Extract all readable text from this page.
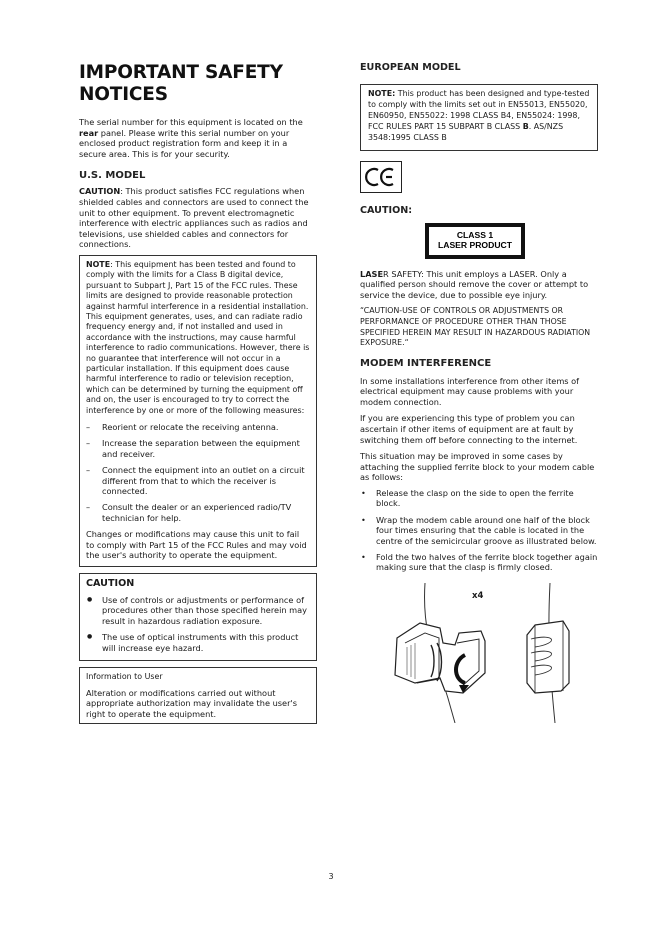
IMPORTANT SAFETY NOTICES

The serial number for this equipment is located on the rear panel. Please write this serial number on your enclosed product registration form and keep it in a secure area. This is for your security.

U.S. MODEL

CAUTION: This product satisfies FCC regulations when shielded cables and connectors are used to connect the unit to other equipment. To prevent electromagnetic interference with electric appliances such as radios and televisions, use shielded cables and connectors for connections.

NOTE: This equipment has been tested and found to comply with the limits for a Class B digital device, pursuant to Subpart J, Part 15 of the FCC rules. These limits are designed to provide reasonable protection against harmful interference in a residential installation. This equipment generates, uses, and can radiate radio frequency energy and, if not installed and used in accordance with the instructions, may cause harmful interference to radio communications. However, there is no guarantee that interference will not occur in a particular installation. If this equipment does cause harmful interference to radio or television reception, which can be determined by turning the equipment off and on, the user is encouraged to try to correct the interference by one or more of the following measures:

– Reorient or relocate the receiving antenna.
– Increase the separation between the equipment and receiver.
– Connect the equipment into an outlet on a circuit different from that to which the receiver is connected.
– Consult the dealer or an experienced radio/TV technician for help.

Changes or modifications may cause this unit to fail to comply with Part 15 of the FCC Rules and may void the user's authority to operate the equipment.

CAUTION
● Use of controls or adjustments or performance of procedures other than those specified herein may result in hazardous radiation exposure.
● The use of optical instruments with this product will increase eye hazard.

Information to User

Alteration or modifications carried out without appropriate authorization may invalidate the user's right to operate the equipment.

EUROPEAN MODEL

NOTE: This product has been designed and type-tested to comply with the limits set out in EN55013, EN55020, EN60950, EN55022: 1998 CLASS B4, EN55024: 1998, FCC RULES PART 15 SUBPART B CLASS B. AS/NZS 3548:1995 CLASS B

CAUTION:
CLASS 1
LASER PRODUCT

LASER SAFETY: This unit employs a LASER. Only a qualified person should remove the cover or attempt to service the device, due to possible eye injury.

“CAUTION-USE OF CONTROLS OR ADJUSTMENTS OR PERFORMANCE OF PROCEDURE OTHER THAN THOSE SPECIFIED HEREIN MAY RESULT IN HAZARDOUS RADIATION EXPOSURE.“

MODEM INTERFERENCE

In some installations interference from other items of electrical equipment may cause problems with your modem connection.

If you are experiencing this type of problem you can ascertain if other items of equipment are at fault by switching them off before connecting to the internet.

This situation may be improved in some cases by attaching the supplied ferrite block to your modem cable as follows:

• Release the clasp on the side to open the ferrite block.
• Wrap the modem cable around one half of the block four times ensuring that the cable is located in the centre of the semicircular groove as illustrated below.
• Fold the two halves of the ferrite block together again making sure that the clasp is firmly closed.
x4
3
